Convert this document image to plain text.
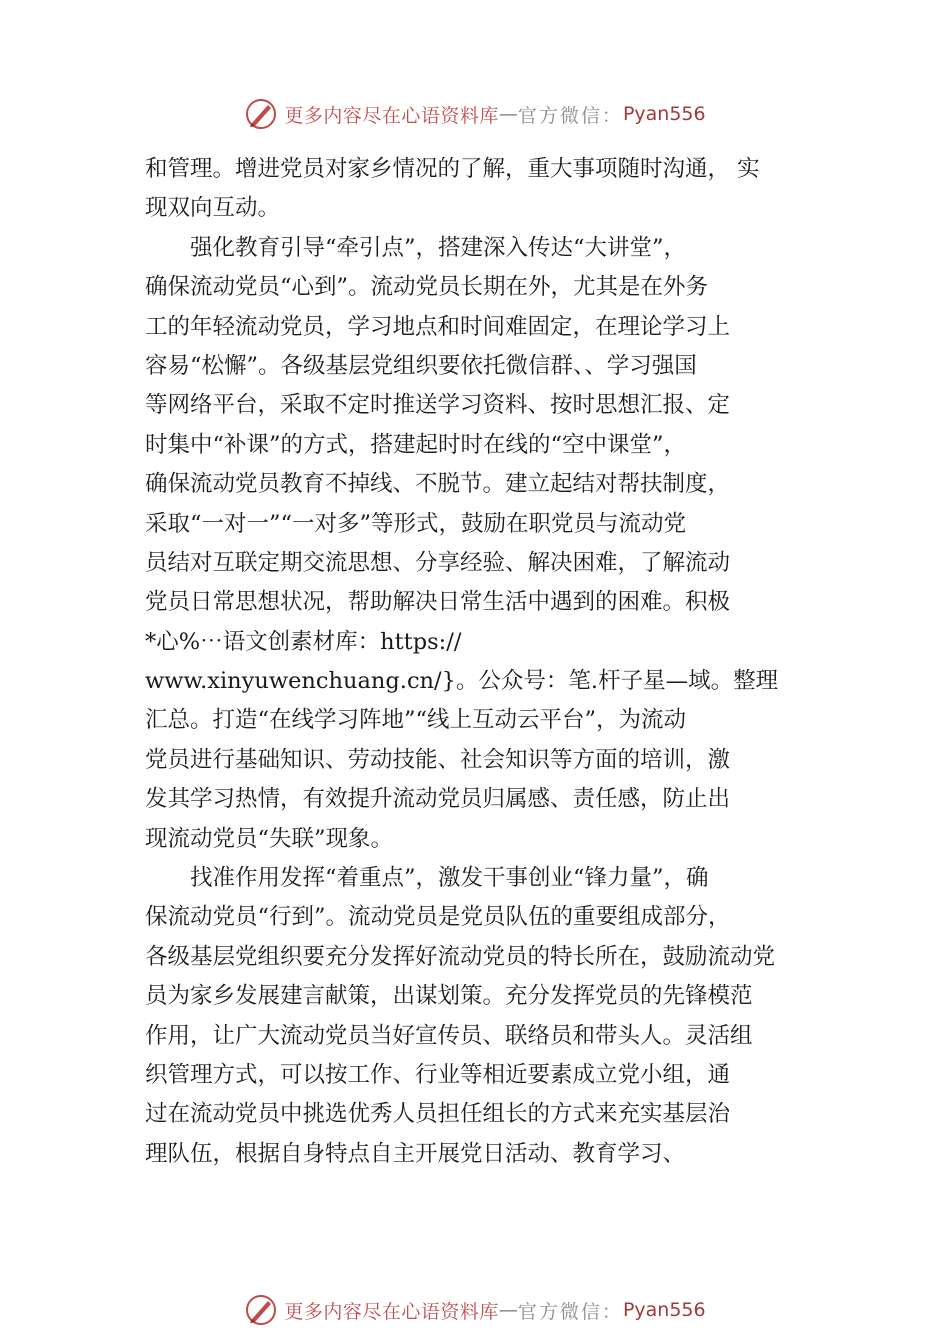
更多内容尽在心语资料库 — 官方微信： Pyan556
和管理。增进党员对家乡情况的了解，重大事项随时沟通， 实
现双向互动。
　　强化教育引导“牵引点”，搭建深入传达“大讲堂”，
确保流动党员“心到”。流动党员长期在外，尤其是在外务
工的年轻流动党员，学习地点和时间难固定，在理论学习上
容易“松懈”。各级基层党组织要依托微信群、、学习强国
等网络平台，采取不定时推送学习资料、按时思想汇报、定
时集中“补课”的方式，搭建起时时在线的“空中课堂”，
确保流动党员教育不掉线、不脱节。建立起结对帮扶制度，
采取“一对一”“一对多”等形式，鼓励在职党员与流动党
员结对互联定期交流思想、分享经验、解决困难，了解流动
党员日常思想状况，帮助解决日常生活中遇到的困难。积极
*心%⋯语文创素材库：https://
www.xinyuwenchuang.cn/}。公众号：笔.杆子星—域。整理
汇总。打造“在线学习阵地”“线上互动云平台”，为流动
党员进行基础知识、劳动技能、社会知识等方面的培训，激
发其学习热情，有效提升流动党员归属感、责任感，防止出
现流动党员“失联”现象。
　　找准作用发挥“着重点”，激发干事创业“锋力量”，确
保流动党员“行到”。流动党员是党员队伍的重要组成部分，
各级基层党组织要充分发挥好流动党员的特长所在，鼓励流动党
员为家乡发展建言献策，出谋划策。充分发挥党员的先锋模范
作用，让广大流动党员当好宣传员、联络员和带头人。灵活组
织管理方式，可以按工作、行业等相近要素成立党小组，通
过在流动党员中挑选优秀人员担任组长的方式来充实基层治
理队伍，根据自身特点自主开展党日活动、教育学习、
更多内容尽在心语资料库 — 官方微信： Pyan556
